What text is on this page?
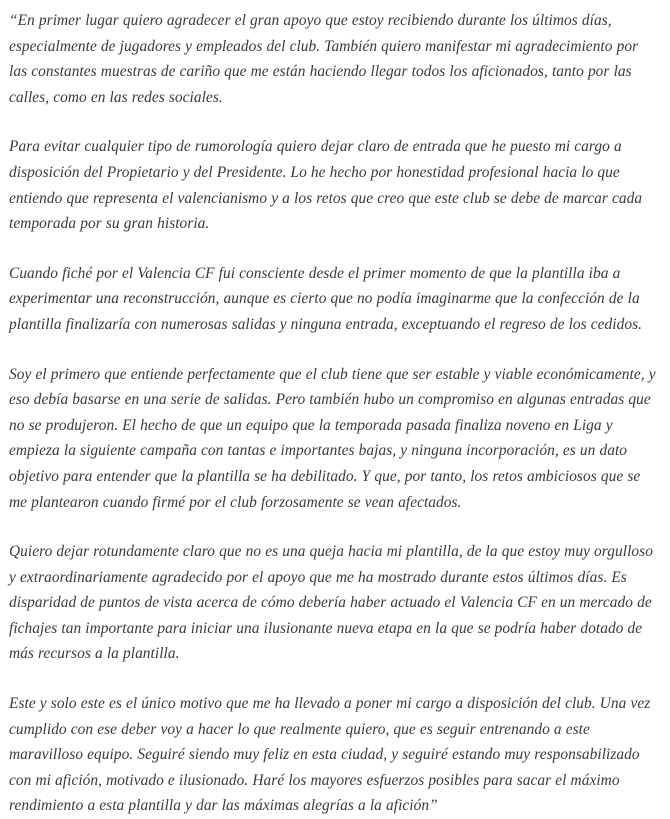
“En primer lugar quiero agradecer el gran apoyo que estoy recibiendo durante los últimos días, especialmente de jugadores y empleados del club. También quiero manifestar mi agradecimiento por las constantes muestras de cariño que me están haciendo llegar todos los aficionados, tanto por las calles, como en las redes sociales.

Para evitar cualquier tipo de rumorología quiero dejar claro de entrada que he puesto mi cargo a disposición del Propietario y del Presidente. Lo he hecho por honestidad profesional hacia lo que entiendo que representa el valencianismo y a los retos que creo que este club se debe de marcar cada temporada por su gran historia.

Cuando fiché por el Valencia CF fui consciente desde el primer momento de que la plantilla iba a experimentar una reconstrucción, aunque es cierto que no podía imaginarme que la confección de la plantilla finalizaría con numerosas salidas y ninguna entrada, exceptuando el regreso de los cedidos.

Soy el primero que entiende perfectamente que el club tiene que ser estable y viable económicamente, y eso debía basarse en una serie de salidas. Pero también hubo un compromiso en algunas entradas que no se produjeron. El hecho de que un equipo que la temporada pasada finaliza noveno en Liga y empieza la siguiente campaña con tantas e importantes bajas, y ninguna incorporación, es un dato objetivo para entender que la plantilla se ha debilitado. Y que, por tanto, los retos ambiciosos que se me plantearon cuando firmé por el club forzosamente se vean afectados.

Quiero dejar rotundamente claro que no es una queja hacia mi plantilla, de la que estoy muy orgulloso y extraordinariamente agradecido por el apoyo que me ha mostrado durante estos últimos días. Es disparidad de puntos de vista acerca de cómo debería haber actuado el Valencia CF en un mercado de fichajes tan importante para iniciar una ilusionante nueva etapa en la que se podría haber dotado de más recursos a la plantilla.

Este y solo este es el único motivo que me ha llevado a poner mi cargo a disposición del club. Una vez cumplido con ese deber voy a hacer lo que realmente quiero, que es seguir entrenando a este maravilloso equipo. Seguiré siendo muy feliz en esta ciudad, y seguiré estando muy responsabilizado con mi afición, motivado e ilusionado. Haré los mayores esfuerzos posibles para sacar el máximo rendimiento a esta plantilla y dar las máximas alegrías a la afición”
